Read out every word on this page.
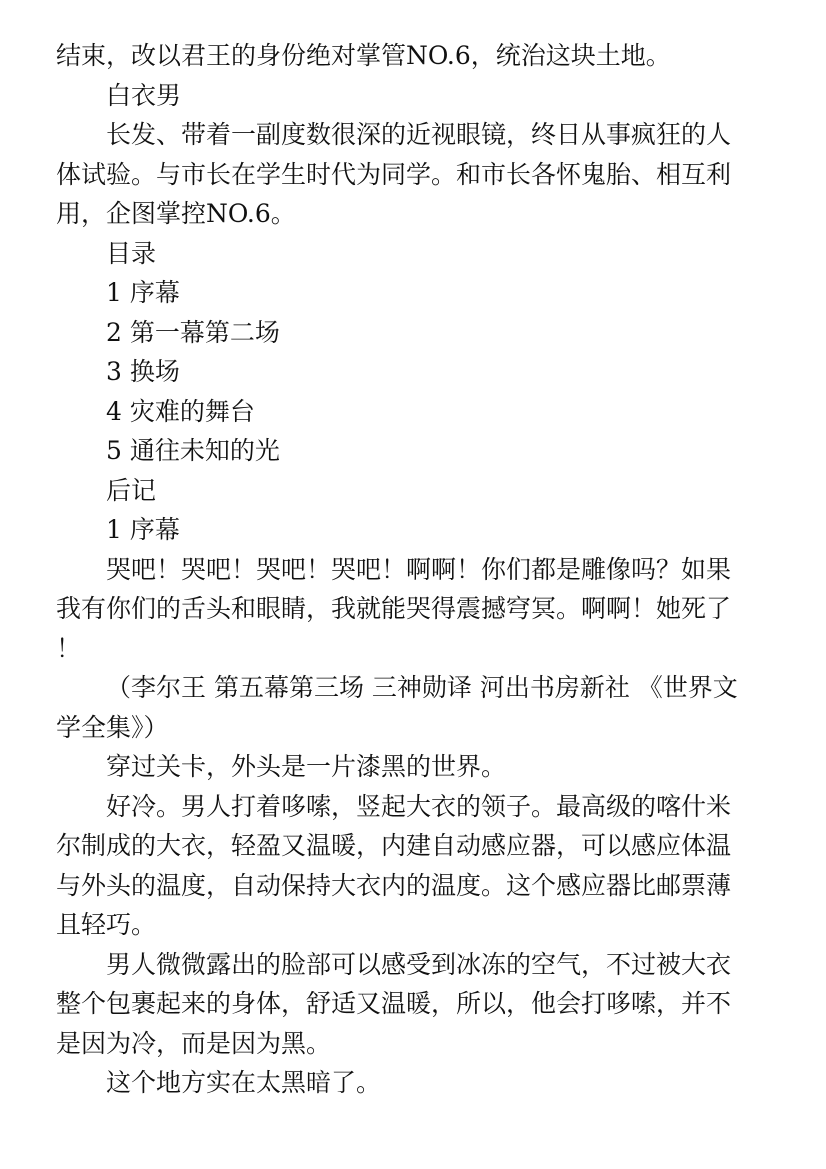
结束，改以君王的身份绝对掌管NO.6，统治这块土地。

白衣男

长发、带着一副度数很深的近视眼镜，终日从事疯狂的人体试验。与市长在学生时代为同学。和市长各怀鬼胎、相互利用，企图掌控NO.6。

目录

1 序幕

2 第一幕第二场

3 换场

4 灾难的舞台

5 通往未知的光

后记

1 序幕

哭吧！哭吧！哭吧！哭吧！啊啊！你们都是雕像吗？如果我有你们的舌头和眼睛，我就能哭得震撼穹冥。啊啊！她死了！

（李尔王 第五幕第三场 三神勋译 河出书房新社 《世界文学全集》）

穿过关卡，外头是一片漆黑的世界。

好冷。男人打着哆嗦，竖起大衣的领子。最高级的喀什米尔制成的大衣，轻盈又温暖，内建自动感应器，可以感应体温与外头的温度，自动保持大衣内的温度。这个感应器比邮票薄且轻巧。

男人微微露出的脸部可以感受到冰冻的空气，不过被大衣整个包裹起来的身体，舒适又温暖，所以，他会打哆嗦，并不是因为冷，而是因为黑。

这个地方实在太黑暗了。
